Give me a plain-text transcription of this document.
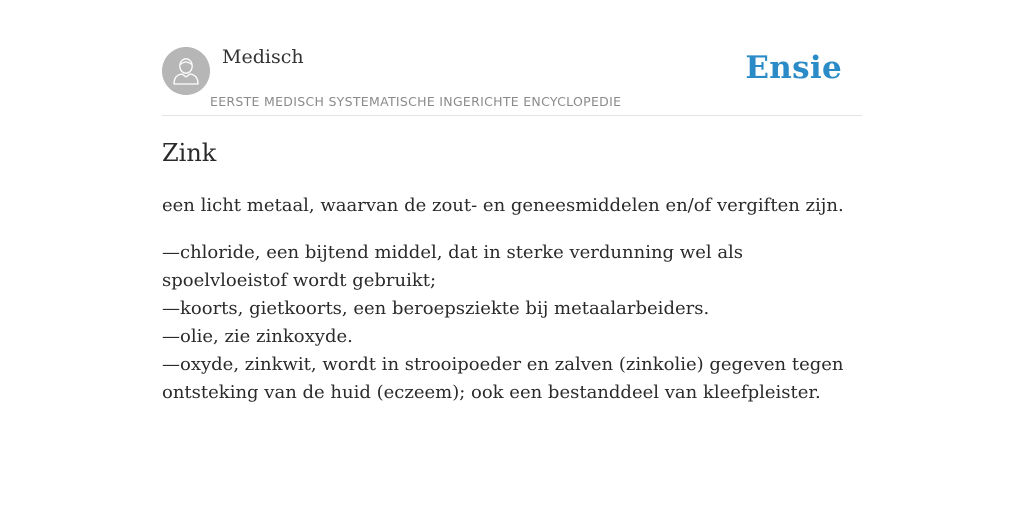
Medisch
EERSTE MEDISCH SYSTEMATISCHE INGERICHTE ENCYCLOPEDIE
Ensie
Zink

een licht metaal, waarvan de zout- en geneesmiddelen en/of vergiften zijn.

—chloride, een bijtend middel, dat in sterke verdunning wel als spoelvloeistof wordt gebruikt;
—koorts, gietkoorts, een beroepsziekte bij metaalarbeiders.
—olie, zie zinkoxyde.
—oxyde, zinkwit, wordt in strooipoeder en zalven (zinkolie) gegeven tegen ontsteking van de huid (eczeem); ook een bestanddeel van kleefpleister.
